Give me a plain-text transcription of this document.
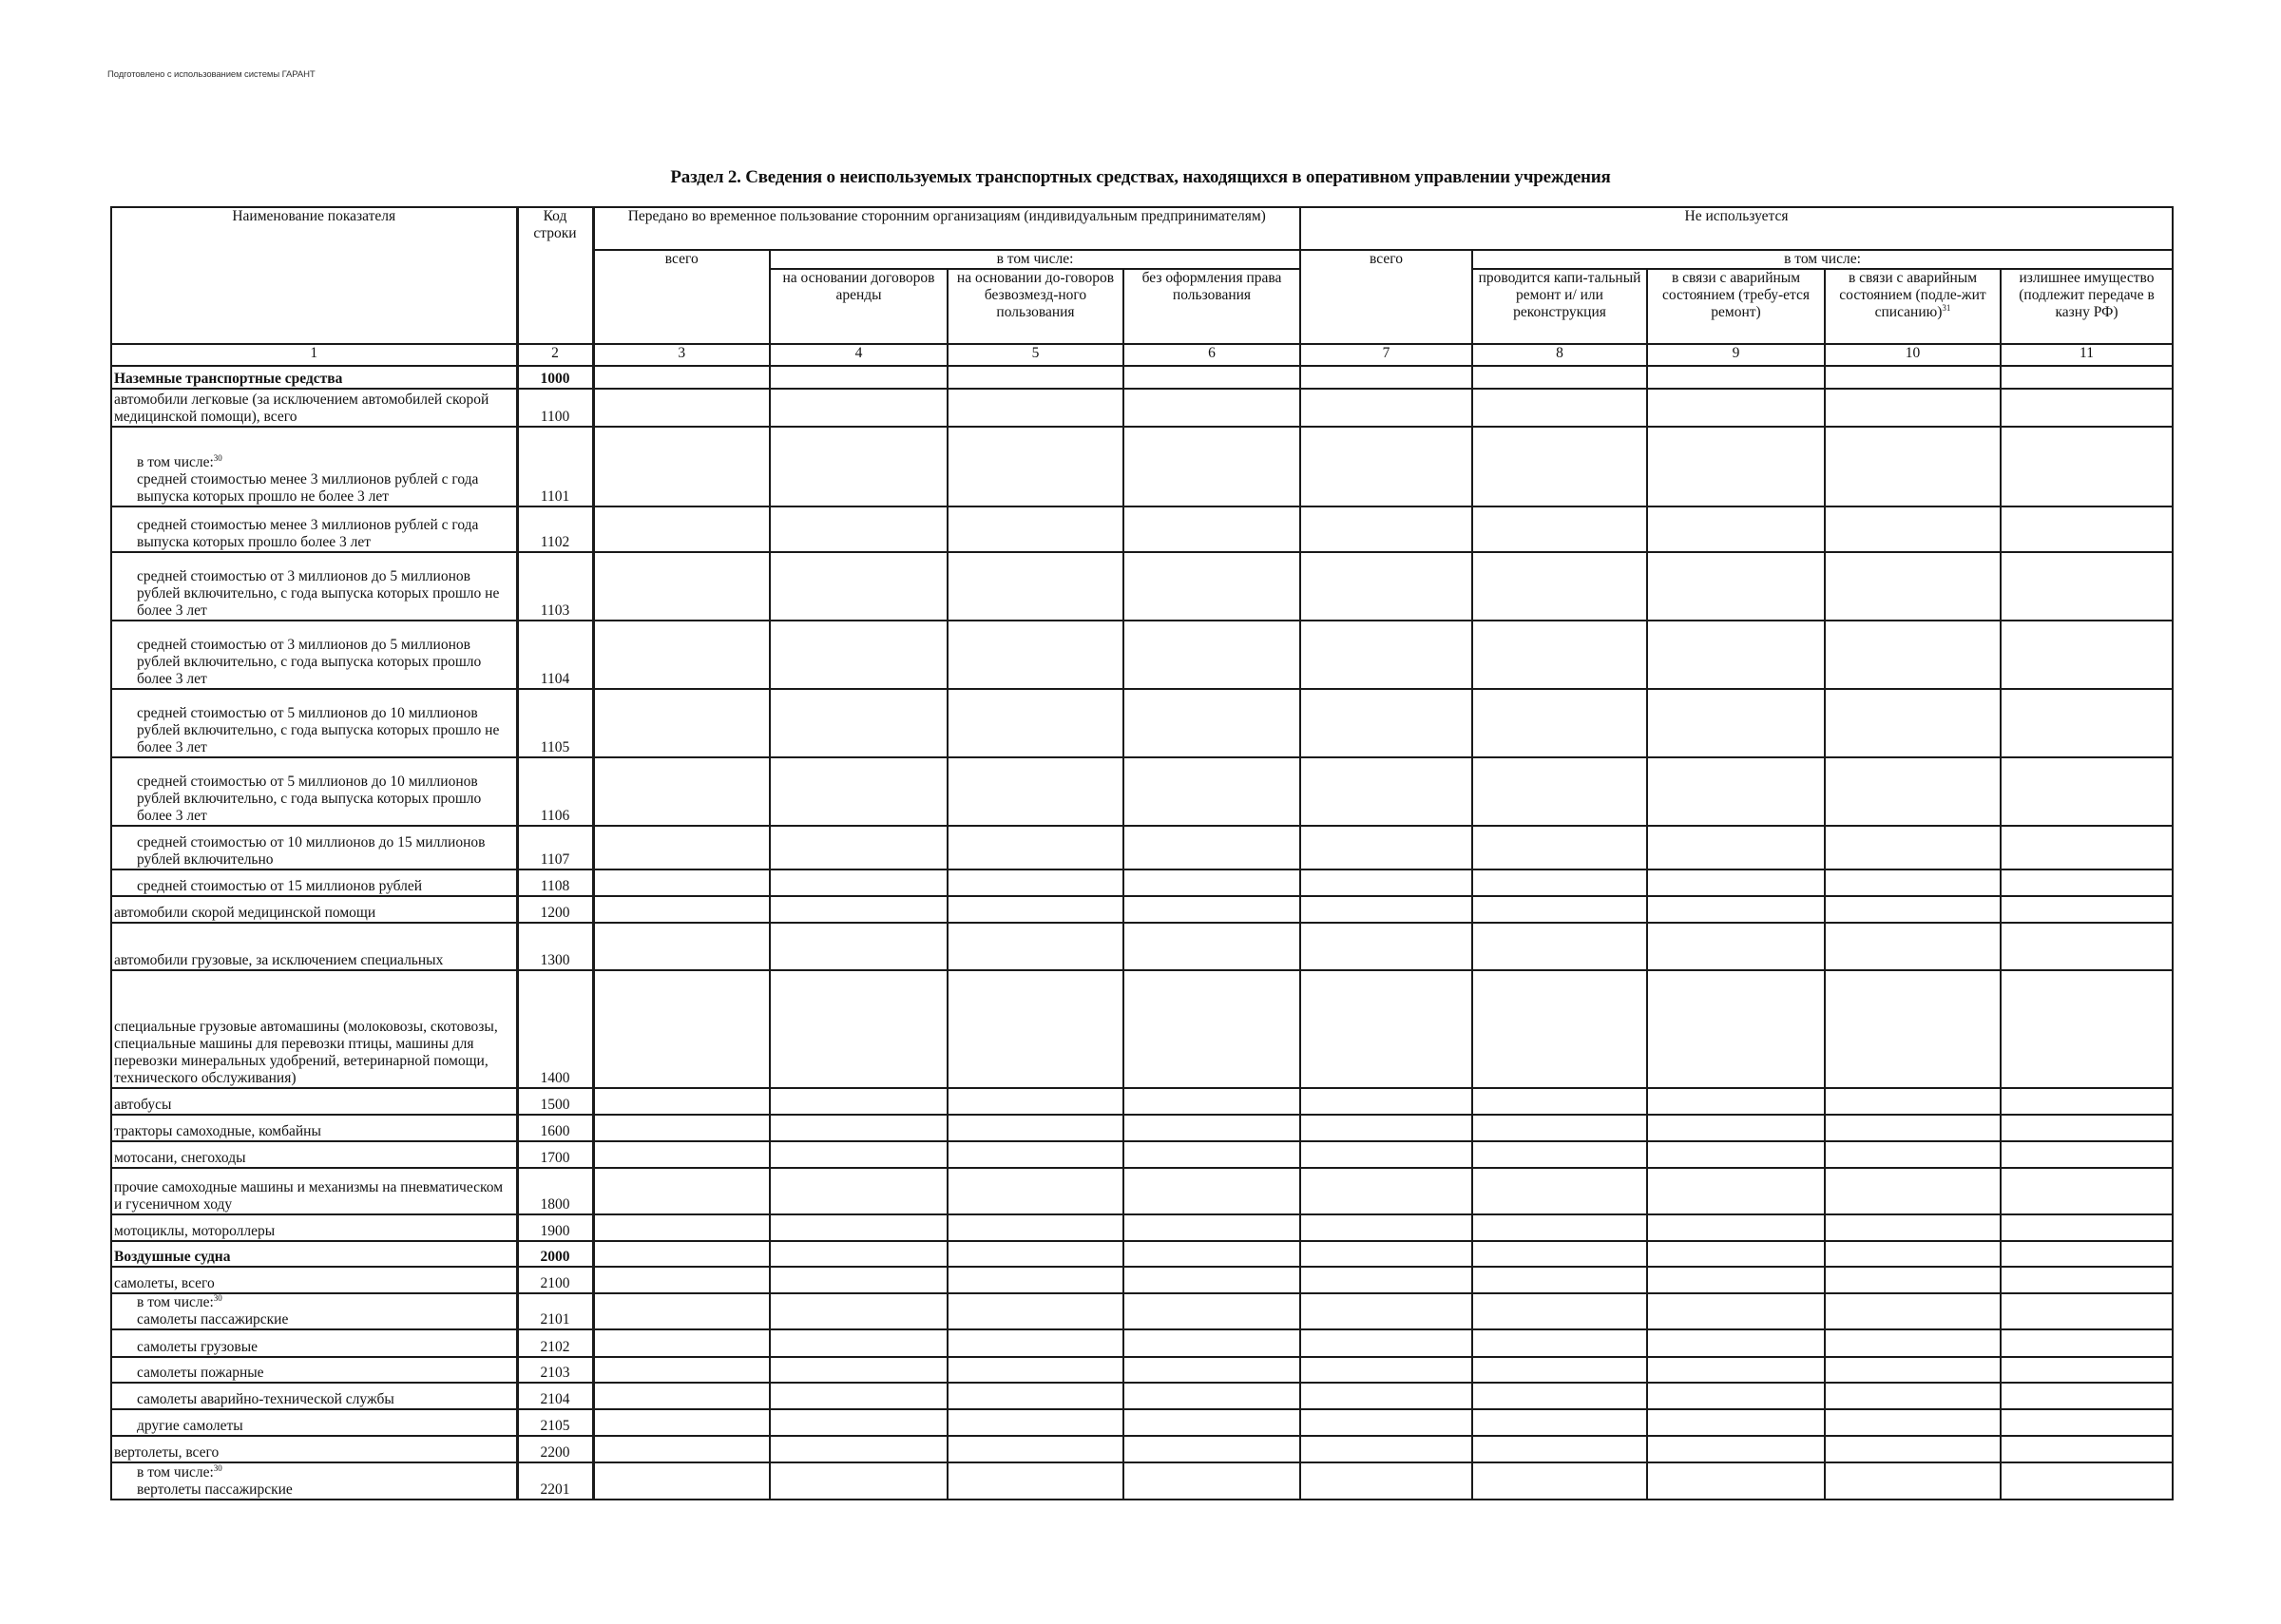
Подготовлено с использованием системы ГАРАНТ
Раздел 2. Сведения о неиспользуемых транспортных средствах, находящихся в оперативном управлении учреждения
Наименование показателя	Код строки	Передано во временное пользование сторонним организациям (индивидуальным предпринимателям)				Не используется				
		всего	в том числе:			всего	в том числе:			
			на основании договоров аренды	на основании до-говоров безвозмезд-ного пользования	без оформления права пользования		проводится капи-тальный ремонт и/ или реконструкция	в связи с аварийным состоянием (требу-ется ремонт)	в связи с аварийным состоянием (подле-жит списанию)$^{31}$	излишнее имущество (подлежит передаче в казну РФ)
1	2	3	4	5	6	7	8	9	10	11
Наземные транспортные средства	1000									
автомобили легковые (за исключением автомобилей скорой медицинской помощи), всего	1100									

в том числе:$^{30}$
средней стоимостью менее 3 миллионов рублей с года выпуска которых прошло не более 3 лет	1101									
средней стоимостью менее 3 миллионов рублей с года выпуска которых прошло более 3 лет	1102									
средней стоимостью от 3 миллионов до 5 миллионов рублей включительно, с года выпуска которых прошло не более 3 лет	1103									
средней стоимостью от 3 миллионов до 5 миллионов рублей включительно, с года выпуска которых прошло более 3 лет	1104									
средней стоимостью от 5 миллионов до 10 миллионов рублей включительно, с года выпуска которых прошло не более 3 лет	1105									
средней стоимостью от 5 миллионов до 10 миллионов рублей включительно, с года выпуска которых прошло более 3 лет	1106									
средней стоимостью от 10 миллионов до 15 миллионов рублей включительно	1107									
средней стоимостью от 15 миллионов рублей	1108									
автомобили скорой медицинской помощи	1200									
автомобили грузовые, за исключением специальных	1300									
специальные грузовые автомашины (молоковозы, скотовозы, специальные машины для перевозки птицы, машины для перевозки минеральных удобрений, ветеринарной помощи, технического обслуживания)	1400									
автобусы	1500									
тракторы самоходные, комбайны	1600									
мотосани, снегоходы	1700									
прочие самоходные машины и механизмы на пневматическом и гусеничном ходу	1800									
мотоциклы, мотороллеры	1900									
Воздушные судна	2000									
самолеты, всего	2100									

в том числе:$^{30}$
самолеты пассажирские	2101									
самолеты грузовые	2102									
самолеты пожарные	2103									
самолеты аварийно-технической службы	2104									
другие самолеты	2105									
вертолеты, всего	2200									

в том числе:$^{30}$
вертолеты пассажирские	2201									
